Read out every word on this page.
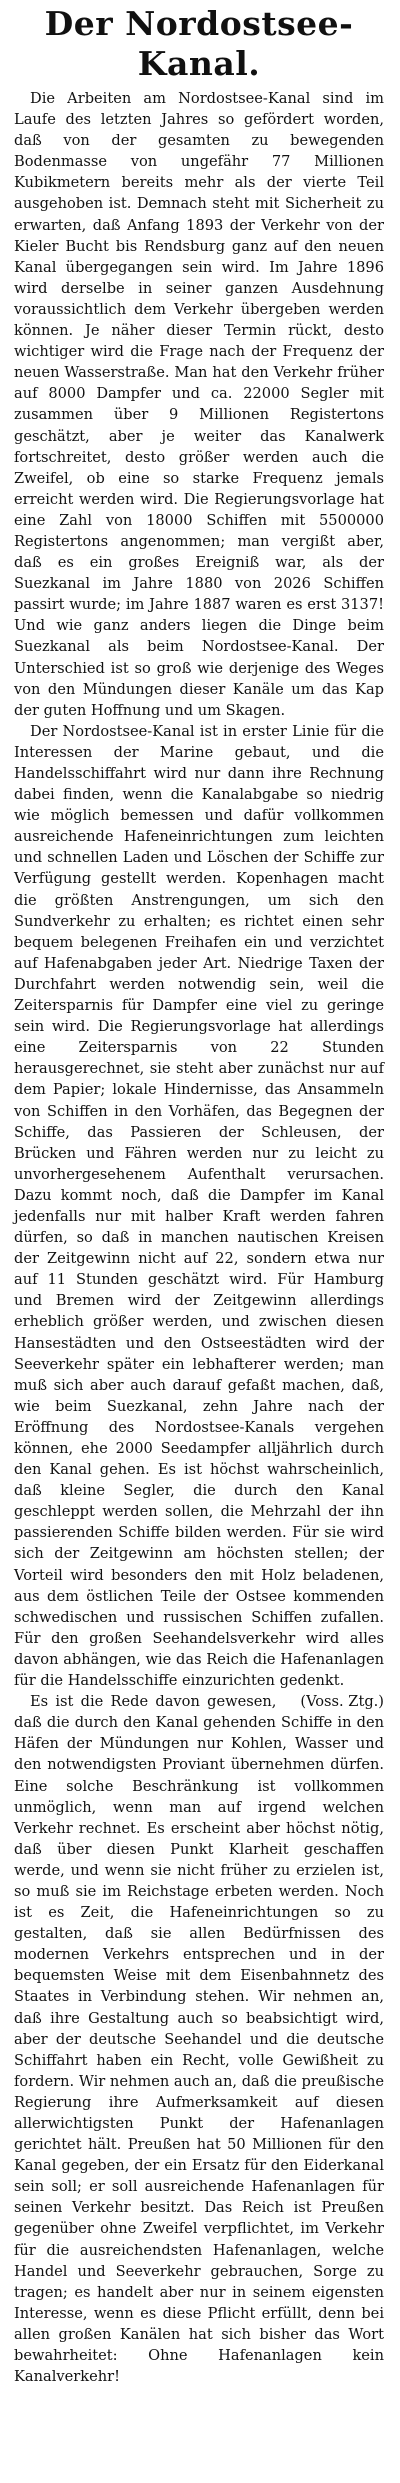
Der Nordostsee-Kanal.

Die Arbeiten am Nordostsee-Kanal sind im Laufe des letzten Jahres so gefördert worden, daß von der gesamten zu bewegenden Bodenmasse von ungefähr 77 Millionen Kubikmetern bereits mehr als der vierte Teil ausgehoben ist. Demnach steht mit Sicherheit zu erwarten, daß Anfang 1893 der Verkehr von der Kieler Bucht bis Rendsburg ganz auf den neuen Kanal übergegangen sein wird. Im Jahre 1896 wird derselbe in seiner ganzen Ausdehnung voraussichtlich dem Verkehr übergeben werden können. Je näher dieser Termin rückt, desto wichtiger wird die Frage nach der Frequenz der neuen Wasserstraße. Man hat den Verkehr früher auf 8000 Dampfer und ca. 22000 Segler mit zusammen über 9 Millionen Registertons geschätzt, aber je weiter das Kanalwerk fortschreitet, desto größer werden auch die Zweifel, ob eine so starke Frequenz jemals erreicht werden wird. Die Regierungsvorlage hat eine Zahl von 18000 Schiffen mit 5500000 Registertons angenommen; man vergißt aber, daß es ein großes Ereigniß war, als der Suezkanal im Jahre 1880 von 2026 Schiffen passirt wurde; im Jahre 1887 waren es erst 3137! Und wie ganz anders liegen die Dinge beim Suezkanal als beim Nordostsee-Kanal. Der Unterschied ist so groß wie derjenige des Weges von den Mündungen dieser Kanäle um das Kap der guten Hoffnung und um Skagen.

Der Nordostsee-Kanal ist in erster Linie für die Interessen der Marine gebaut, und die Handelsschiffahrt wird nur dann ihre Rechnung dabei finden, wenn die Kanalabgabe so niedrig wie möglich bemessen und dafür vollkommen ausreichende Hafeneinrichtungen zum leichten und schnellen Laden und Löschen der Schiffe zur Verfügung gestellt werden. Kopenhagen macht die größten Anstrengungen, um sich den Sundverkehr zu erhalten; es richtet einen sehr bequem belegenen Freihafen ein und verzichtet auf Hafenabgaben jeder Art. Niedrige Taxen der Durchfahrt werden notwendig sein, weil die Zeitersparnis für Dampfer eine viel zu geringe sein wird. Die Regierungsvorlage hat allerdings eine Zeitersparnis von 22 Stunden herausgerechnet, sie steht aber zunächst nur auf dem Papier; lokale Hindernisse, das Ansammeln von Schiffen in den Vorhäfen, das Begegnen der Schiffe, das Passieren der Schleusen, der Brücken und Fähren werden nur zu leicht zu unvorhergesehenem Aufenthalt verursachen. Dazu kommt noch, daß die Dampfer im Kanal jedenfalls nur mit halber Kraft werden fahren dürfen, so daß in manchen nautischen Kreisen der Zeitgewinn nicht auf 22, sondern etwa nur auf 11 Stunden geschätzt wird. Für Hamburg und Bremen wird der Zeitgewinn allerdings erheblich größer werden, und zwischen diesen Hansestädten und den Ostseestädten wird der Seeverkehr später ein lebhafterer werden; man muß sich aber auch darauf gefaßt machen, daß, wie beim Suezkanal, zehn Jahre nach der Eröffnung des Nordostsee-Kanals vergehen können, ehe 2000 Seedampfer alljährlich durch den Kanal gehen. Es ist höchst wahrscheinlich, daß kleine Segler, die durch den Kanal geschleppt werden sollen, die Mehrzahl der ihn passierenden Schiffe bilden werden. Für sie wird sich der Zeitgewinn am höchsten stellen; der Vorteil wird besonders den mit Holz beladenen, aus dem östlichen Teile der Ostsee kommenden schwedischen und russischen Schiffen zufallen. Für den großen Seehandelsverkehr wird alles davon abhängen, wie das Reich die Hafenanlagen für die Handelsschiffe einzurichten gedenkt.

(Voss. Ztg.)
Es ist die Rede davon gewesen, daß die durch den Kanal gehenden Schiffe in den Häfen der Mündungen nur Kohlen, Wasser und den notwendigsten Proviant übernehmen dürfen. Eine solche Beschränkung ist vollkommen unmöglich, wenn man auf irgend welchen Verkehr rechnet. Es erscheint aber höchst nötig, daß über diesen Punkt Klarheit geschaffen werde, und wenn sie nicht früher zu erzielen ist, so muß sie im Reichstage erbeten werden. Noch ist es Zeit, die Hafeneinrichtungen so zu gestalten, daß sie allen Bedürfnissen des modernen Verkehrs entsprechen und in der bequemsten Weise mit dem Eisenbahnnetz des Staates in Verbindung stehen. Wir nehmen an, daß ihre Gestaltung auch so beabsichtigt wird, aber der deutsche Seehandel und die deutsche Schiffahrt haben ein Recht, volle Gewißheit zu fordern. Wir nehmen auch an, daß die preußische Regierung ihre Aufmerksamkeit auf diesen allerwichtigsten Punkt der Hafenanlagen gerichtet hält. Preußen hat 50 Millionen für den Kanal gegeben, der ein Ersatz für den Eiderkanal sein soll; er soll ausreichende Hafenanlagen für seinen Verkehr besitzt. Das Reich ist Preußen gegenüber ohne Zweifel verpflichtet, im Verkehr für die ausreichendsten Hafenanlagen, welche Handel und Seeverkehr gebrauchen, Sorge zu tragen; es handelt aber nur in seinem eigensten Interesse, wenn es diese Pflicht erfüllt, denn bei allen großen Kanälen hat sich bisher das Wort bewahrheitet: Ohne Hafenanlagen kein Kanalverkehr!
